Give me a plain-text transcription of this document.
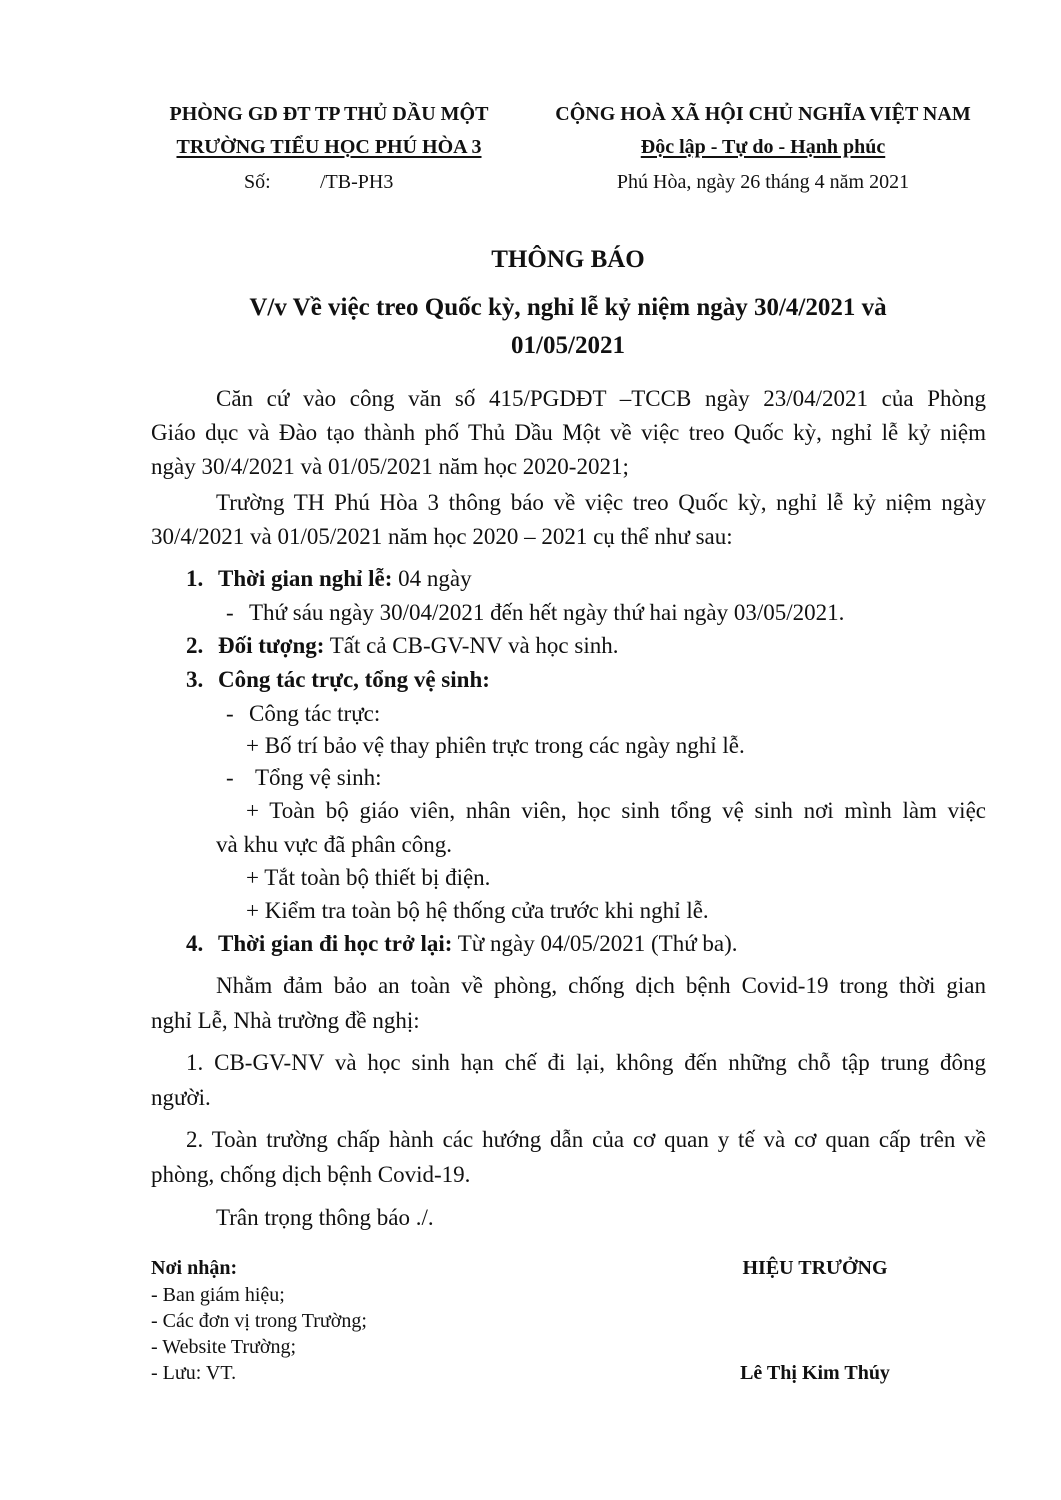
PHÒNG GD ĐT TP THỦ DẦU MỘT
TRƯỜNG TIỂU HỌC PHÚ HÒA 3
Số: /TB-PH3
CỘNG HOÀ XÃ HỘI CHỦ NGHĨA VIỆT NAM
Độc lập - Tự do - Hạnh phúc
Phú Hòa, ngày 26 tháng 4 năm 2021
THÔNG BÁO
V/v Về việc treo Quốc kỳ, nghỉ lễ kỷ niệm ngày 30/4/2021 và
01/05/2021
Căn cứ vào công văn số 415/PGDĐT –TCCB ngày 23/04/2021 của Phòng
Giáo dục và Đào tạo thành phố Thủ Dầu Một về việc treo Quốc kỳ, nghỉ lễ kỷ niệm
ngày 30/4/2021 và 01/05/2021 năm học 2020-2021;
Trường TH Phú Hòa 3 thông báo về việc treo Quốc kỳ, nghỉ lễ kỷ niệm ngày
30/4/2021 và 01/05/2021 năm học 2020 – 2021 cụ thể như sau:
1. Thời gian nghỉ lễ: 04 ngày
- Thứ sáu ngày 30/04/2021 đến hết ngày thứ hai ngày 03/05/2021.
2. Đối tượng: Tất cả CB-GV-NV và học sinh.
3. Công tác trực, tổng vệ sinh:
- Công tác trực:
+ Bố trí bảo vệ thay phiên trực trong các ngày nghỉ lễ.
- Tổng vệ sinh:
+ Toàn bộ giáo viên, nhân viên, học sinh tổng vệ sinh nơi mình làm việc
và khu vực đã phân công.
+ Tắt toàn bộ thiết bị điện.
+ Kiểm tra toàn bộ hệ thống cửa trước khi nghỉ lễ.
4. Thời gian đi học trở lại: Từ ngày 04/05/2021 (Thứ ba).
Nhằm đảm bảo an toàn về phòng, chống dịch bệnh Covid-19 trong thời gian
nghỉ Lễ, Nhà trường đề nghị:
1. CB-GV-NV và học sinh hạn chế đi lại, không đến những chỗ tập trung đông
người.
2. Toàn trường chấp hành các hướng dẫn của cơ quan y tế và cơ quan cấp trên về
phòng, chống dịch bệnh Covid-19.
Trân trọng thông báo ./.
Nơi nhận:
- Ban giám hiệu;
- Các đơn vị trong Trường;
- Website Trường;
- Lưu: VT.
HIỆU TRƯỞNG
Lê Thị Kim Thúy
